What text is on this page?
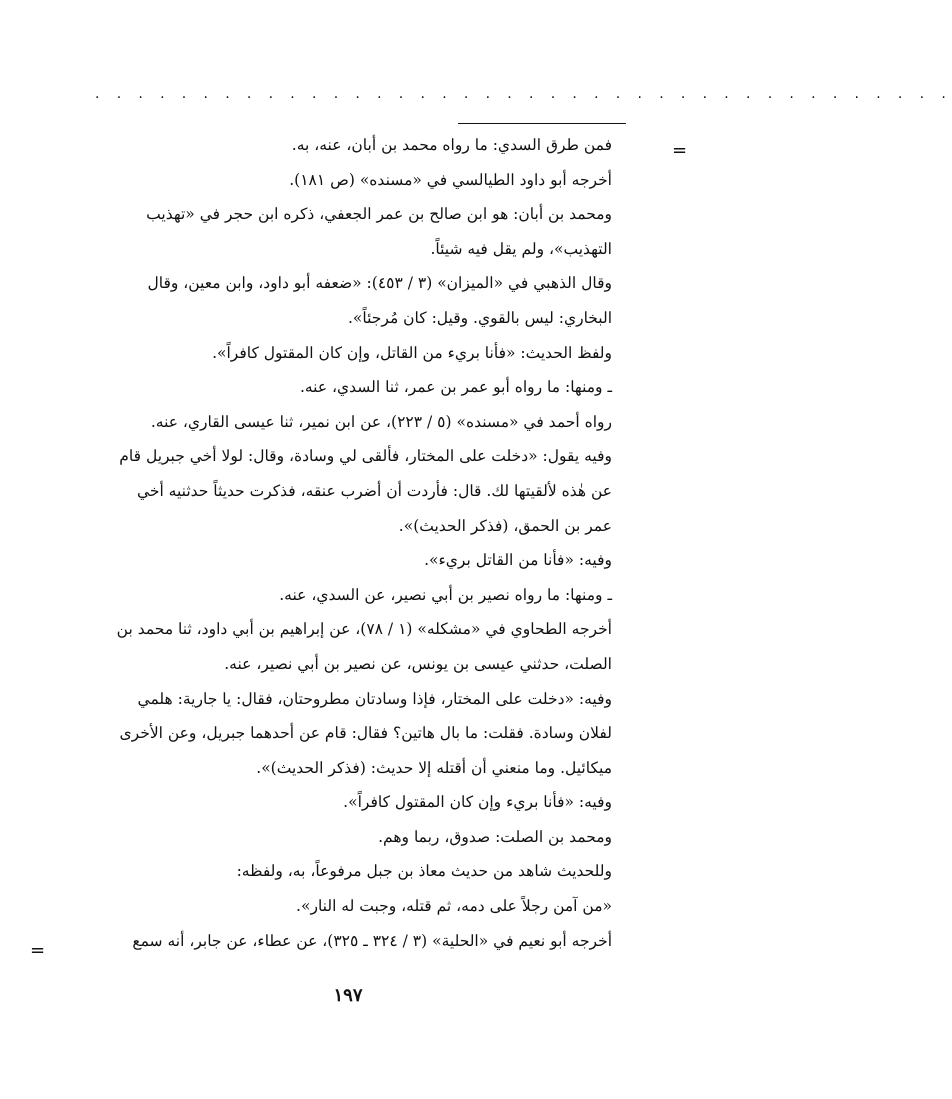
. . . . . . . . . . . . . . . . . . . . . . . . . . . . . . . . . . . . . . . .
=
فمن طرق السدي: ما رواه محمد بن أبان، عنه، به.
أخرجه أبو داود الطيالسي في «مسنده» (ص ١٨١).
ومحمد بن أبان: هو ابن صالح بن عمر الجعفي، ذكره ابن حجر في «تهذيب
التهذيب»، ولم يقل فيه شيئاً.
وقال الذهبي في «الميزان» (٣ / ٤٥٣): «ضعفه أبو داود، وابن معين، وقال
البخاري: ليس بالقوي. وقيل: كان مُرجئاً».
ولفظ الحديث: «فأنا بريء من القاتل، وإن كان المقتول كافراً».
ـ ومنها: ما رواه أبو عمر بن عمر، ثنا السدي، عنه.
رواه أحمد في «مسنده» (٥ / ٢٢٣)، عن ابن نمير، ثنا عيسى القاري، عنه.
وفيه يقول: «دخلت على المختار، فألقى لي وسادة، وقال: لولا أخي جبريل قام
عن هٰذه لألقيتها لك. قال: فأردت أن أضرب عنقه، فذكرت حديثاً حدثنيه أخي
عمر بن الحمق، (فذكر الحديث)».
وفيه: «فأنا من القاتل بريء».
ـ ومنها: ما رواه نصير بن أبي نصير، عن السدي، عنه.
أخرجه الطحاوي في «مشكله» (١ / ٧٨)، عن إبراهيم بن أبي داود، ثنا محمد بن
الصلت، حدثني عيسى بن يونس، عن نصير بن أبي نصير، عنه.
وفيه: «دخلت على المختار، فإذا وسادتان مطروحتان، فقال: يا جارية: هلمي
لفلان وسادة. فقلت: ما بال هاتين؟ فقال: قام عن أحدهما جبريل، وعن الأخرى
ميكائيل. وما منعني أن أقتله إلا حديث: (فذكر الحديث)».
وفيه: «فأنا بريء وإن كان المقتول كافراً».
ومحمد بن الصلت: صدوق، ربما وهم.
وللحديث شاهد من حديث معاذ بن جبل مرفوعاً، به، ولفظه:
«من آمن رجلاً على دمه، ثم قتله، وجبت له النار».
أخرجه أبو نعيم في «الحلية» (٣ / ٣٢٤ ـ ٣٢٥)، عن عطاء، عن جابر، أنه سمع
=
١٩٧
